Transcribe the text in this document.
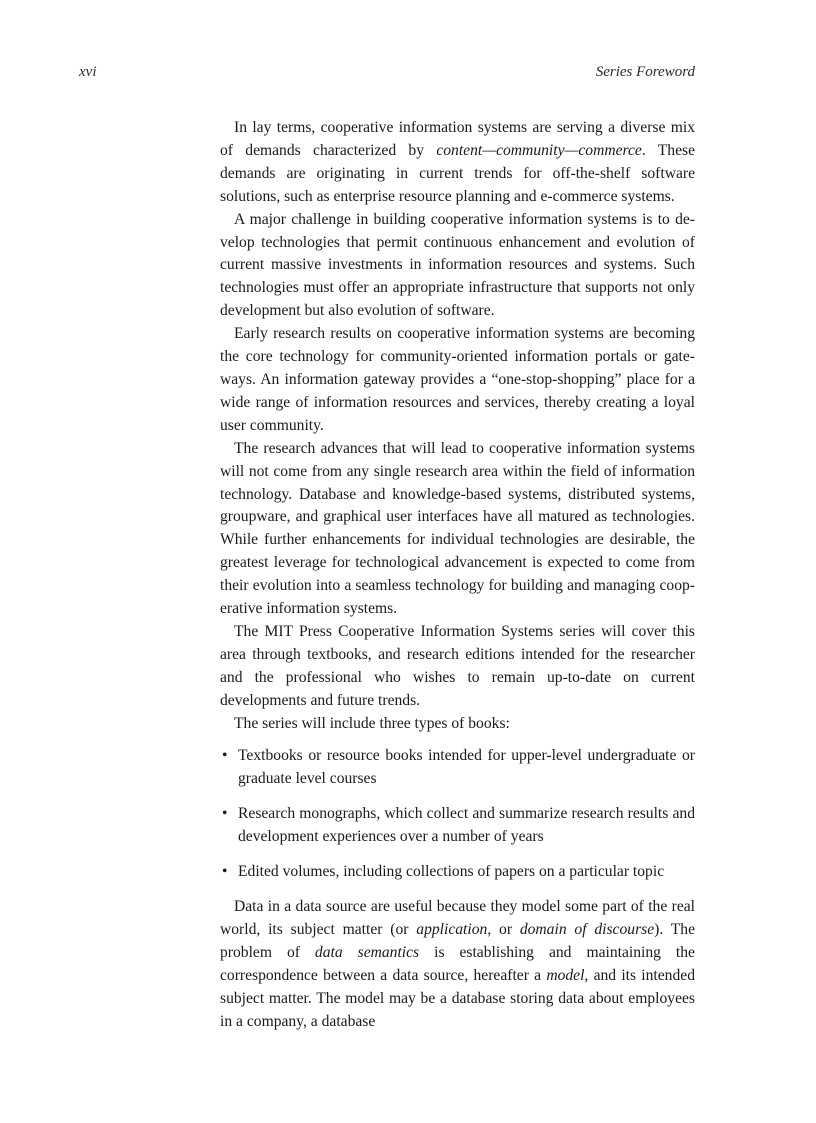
xvi	Series Foreword

In lay terms, cooperative information systems are serving a diverse mix of demands characterized by content—community—commerce. These demands are originating in current trends for off-the-shelf software solutions, such as enterprise resource planning and e-commerce systems.

A major challenge in building cooperative information systems is to develop technologies that permit continuous enhancement and evolution of current massive investments in information resources and systems. Such technologies must offer an appropriate infrastructure that supports not only development but also evolution of software.

Early research results on cooperative information systems are becoming the core technology for community-oriented information portals or gateways. An information gateway provides a “one-stop-shopping” place for a wide range of information resources and services, thereby creating a loyal user community.

The research advances that will lead to cooperative information systems will not come from any single research area within the field of information technology. Database and knowledge-based systems, distributed systems, groupware, and graphical user interfaces have all matured as technologies. While further enhancements for individual technologies are desirable, the greatest leverage for technological advancement is expected to come from their evolution into a seamless technology for building and managing cooperative information systems.

The MIT Press Cooperative Information Systems series will cover this area through textbooks, and research editions intended for the researcher and the professional who wishes to remain up-to-date on current developments and future trends.

The series will include three types of books:

• Textbooks or resource books intended for upper-level undergraduate or graduate level courses
• Research monographs, which collect and summarize research results and development experiences over a number of years
• Edited volumes, including collections of papers on a particular topic

Data in a data source are useful because they model some part of the real world, its subject matter (or application, or domain of discourse). The problem of data semantics is establishing and maintaining the correspondence between a data source, hereafter a model, and its intended subject matter. The model may be a database storing data about employees in a company, a database
